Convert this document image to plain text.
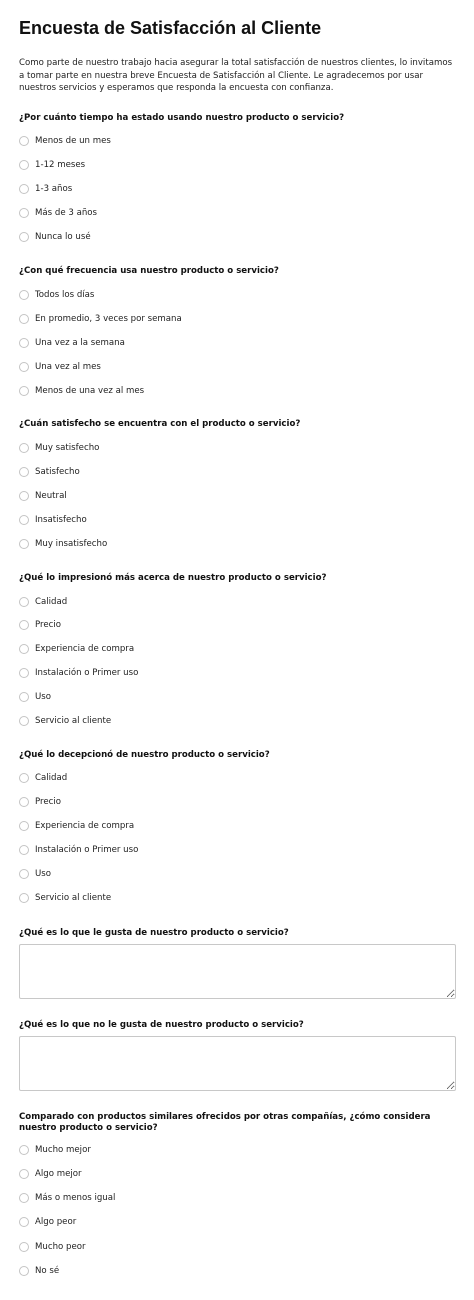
Encuesta de Satisfacción al Cliente

Como parte de nuestro trabajo hacia asegurar la total satisfacción de nuestros clientes, lo invitamos a tomar parte en nuestra breve Encuesta de Satisfacción al Cliente. Le agradecemos por usar nuestros servicios y esperamos que responda la encuesta con confianza.

¿Por cuánto tiempo ha estado usando nuestro producto o servicio?

Menos de un mes
1-12 meses
1-3 años
Más de 3 años
Nunca lo usé

¿Con qué frecuencia usa nuestro producto o servicio?

Todos los días
En promedio, 3 veces por semana
Una vez a la semana
Una vez al mes
Menos de una vez al mes

¿Cuán satisfecho se encuentra con el producto o servicio?

Muy satisfecho
Satisfecho
Neutral
Insatisfecho
Muy insatisfecho

¿Qué lo impresionó más acerca de nuestro producto o servicio?

Calidad
Precio
Experiencia de compra
Instalación o Primer uso
Uso
Servicio al cliente

¿Qué lo decepcionó de nuestro producto o servicio?

Calidad
Precio
Experiencia de compra
Instalación o Primer uso
Uso
Servicio al cliente

¿Qué es lo que le gusta de nuestro producto o servicio?

¿Qué es lo que no le gusta de nuestro producto o servicio?

Comparado con productos similares ofrecidos por otras compañías, ¿cómo considera nuestro producto o servicio?

Mucho mejor
Algo mejor
Más o menos igual
Algo peor
Mucho peor
No sé
